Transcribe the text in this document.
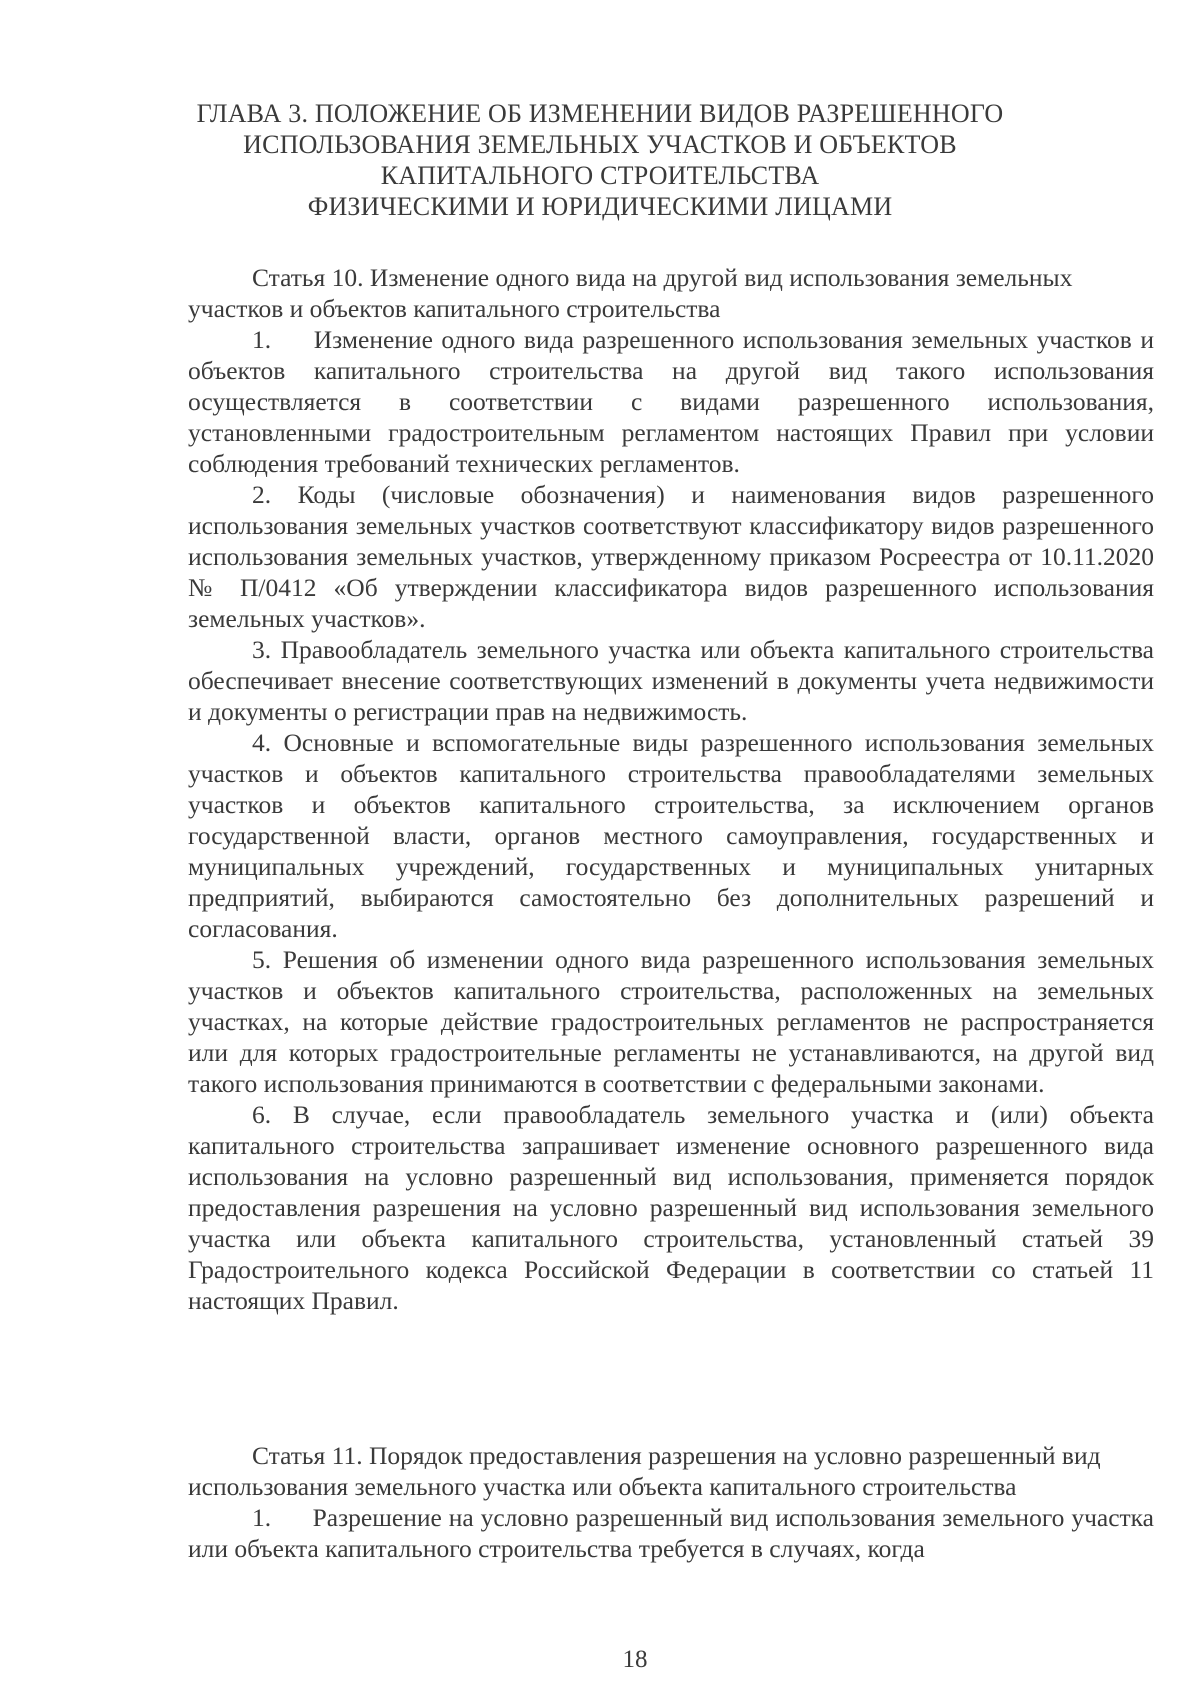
ГЛАВА 3. ПОЛОЖЕНИЕ ОБ ИЗМЕНЕНИИ ВИДОВ РАЗРЕШЕННОГО
ИСПОЛЬЗОВАНИЯ ЗЕМЕЛЬНЫХ УЧАСТКОВ И ОБЪЕКТОВ
КАПИТАЛЬНОГО СТРОИТЕЛЬСТВА
ФИЗИЧЕСКИМИ И ЮРИДИЧЕСКИМИ ЛИЦАМИ

Статья 10. Изменение одного вида на другой вид использования земельных участков и объектов капитального строительства

1.     Изменение одного вида разрешенного использования земельных участков и объектов капитального строительства на другой вид такого использования осуществляется в соответствии с видами разрешенного использования, установленными градостроительным регламентом настоящих Правил при условии соблюдения требований технических регламентов.

2. Коды (числовые обозначения) и наименования видов разрешенного использования земельных участков соответствуют классификатору видов разрешенного использования земельных участков, утвержденному приказом Росреестра от 10.11.2020 № П/0412 «Об утверждении классификатора видов разрешенного использования земельных участков».

3. Правообладатель земельного участка или объекта капитального строительства обеспечивает внесение соответствующих изменений в документы учета недвижимости и документы о регистрации прав на недвижимость.

4. Основные и вспомогательные виды разрешенного использования земельных участков и объектов капитального строительства правообладателями земельных участков и объектов капитального строительства, за исключением органов государственной власти, органов местного самоуправления, государственных и муниципальных учреждений, государственных и муниципальных унитарных предприятий, выбираются самостоятельно без дополнительных разрешений и согласования.

5. Решения об изменении одного вида разрешенного использования земельных участков и объектов капитального строительства, расположенных на земельных участках, на которые действие градостроительных регламентов не распространяется или для которых градостроительные регламенты не устанавливаются, на другой вид такого использования принимаются в соответствии с федеральными законами.

6. В случае, если правообладатель земельного участка и (или) объекта капитального строительства запрашивает изменение основного разрешенного вида использования на условно разрешенный вид использования, применяется порядок предоставления разрешения на условно разрешенный вид использования земельного участка или объекта капитального строительства, установленный статьей 39 Градостроительного кодекса Российской Федерации в соответствии со статьей 11 настоящих Правил.

Статья 11. Порядок предоставления разрешения на условно разрешенный вид использования земельного участка или объекта капитального строительства

1.      Разрешение на условно разрешенный вид использования земельного участка или объекта капитального строительства требуется в случаях, когда

18
